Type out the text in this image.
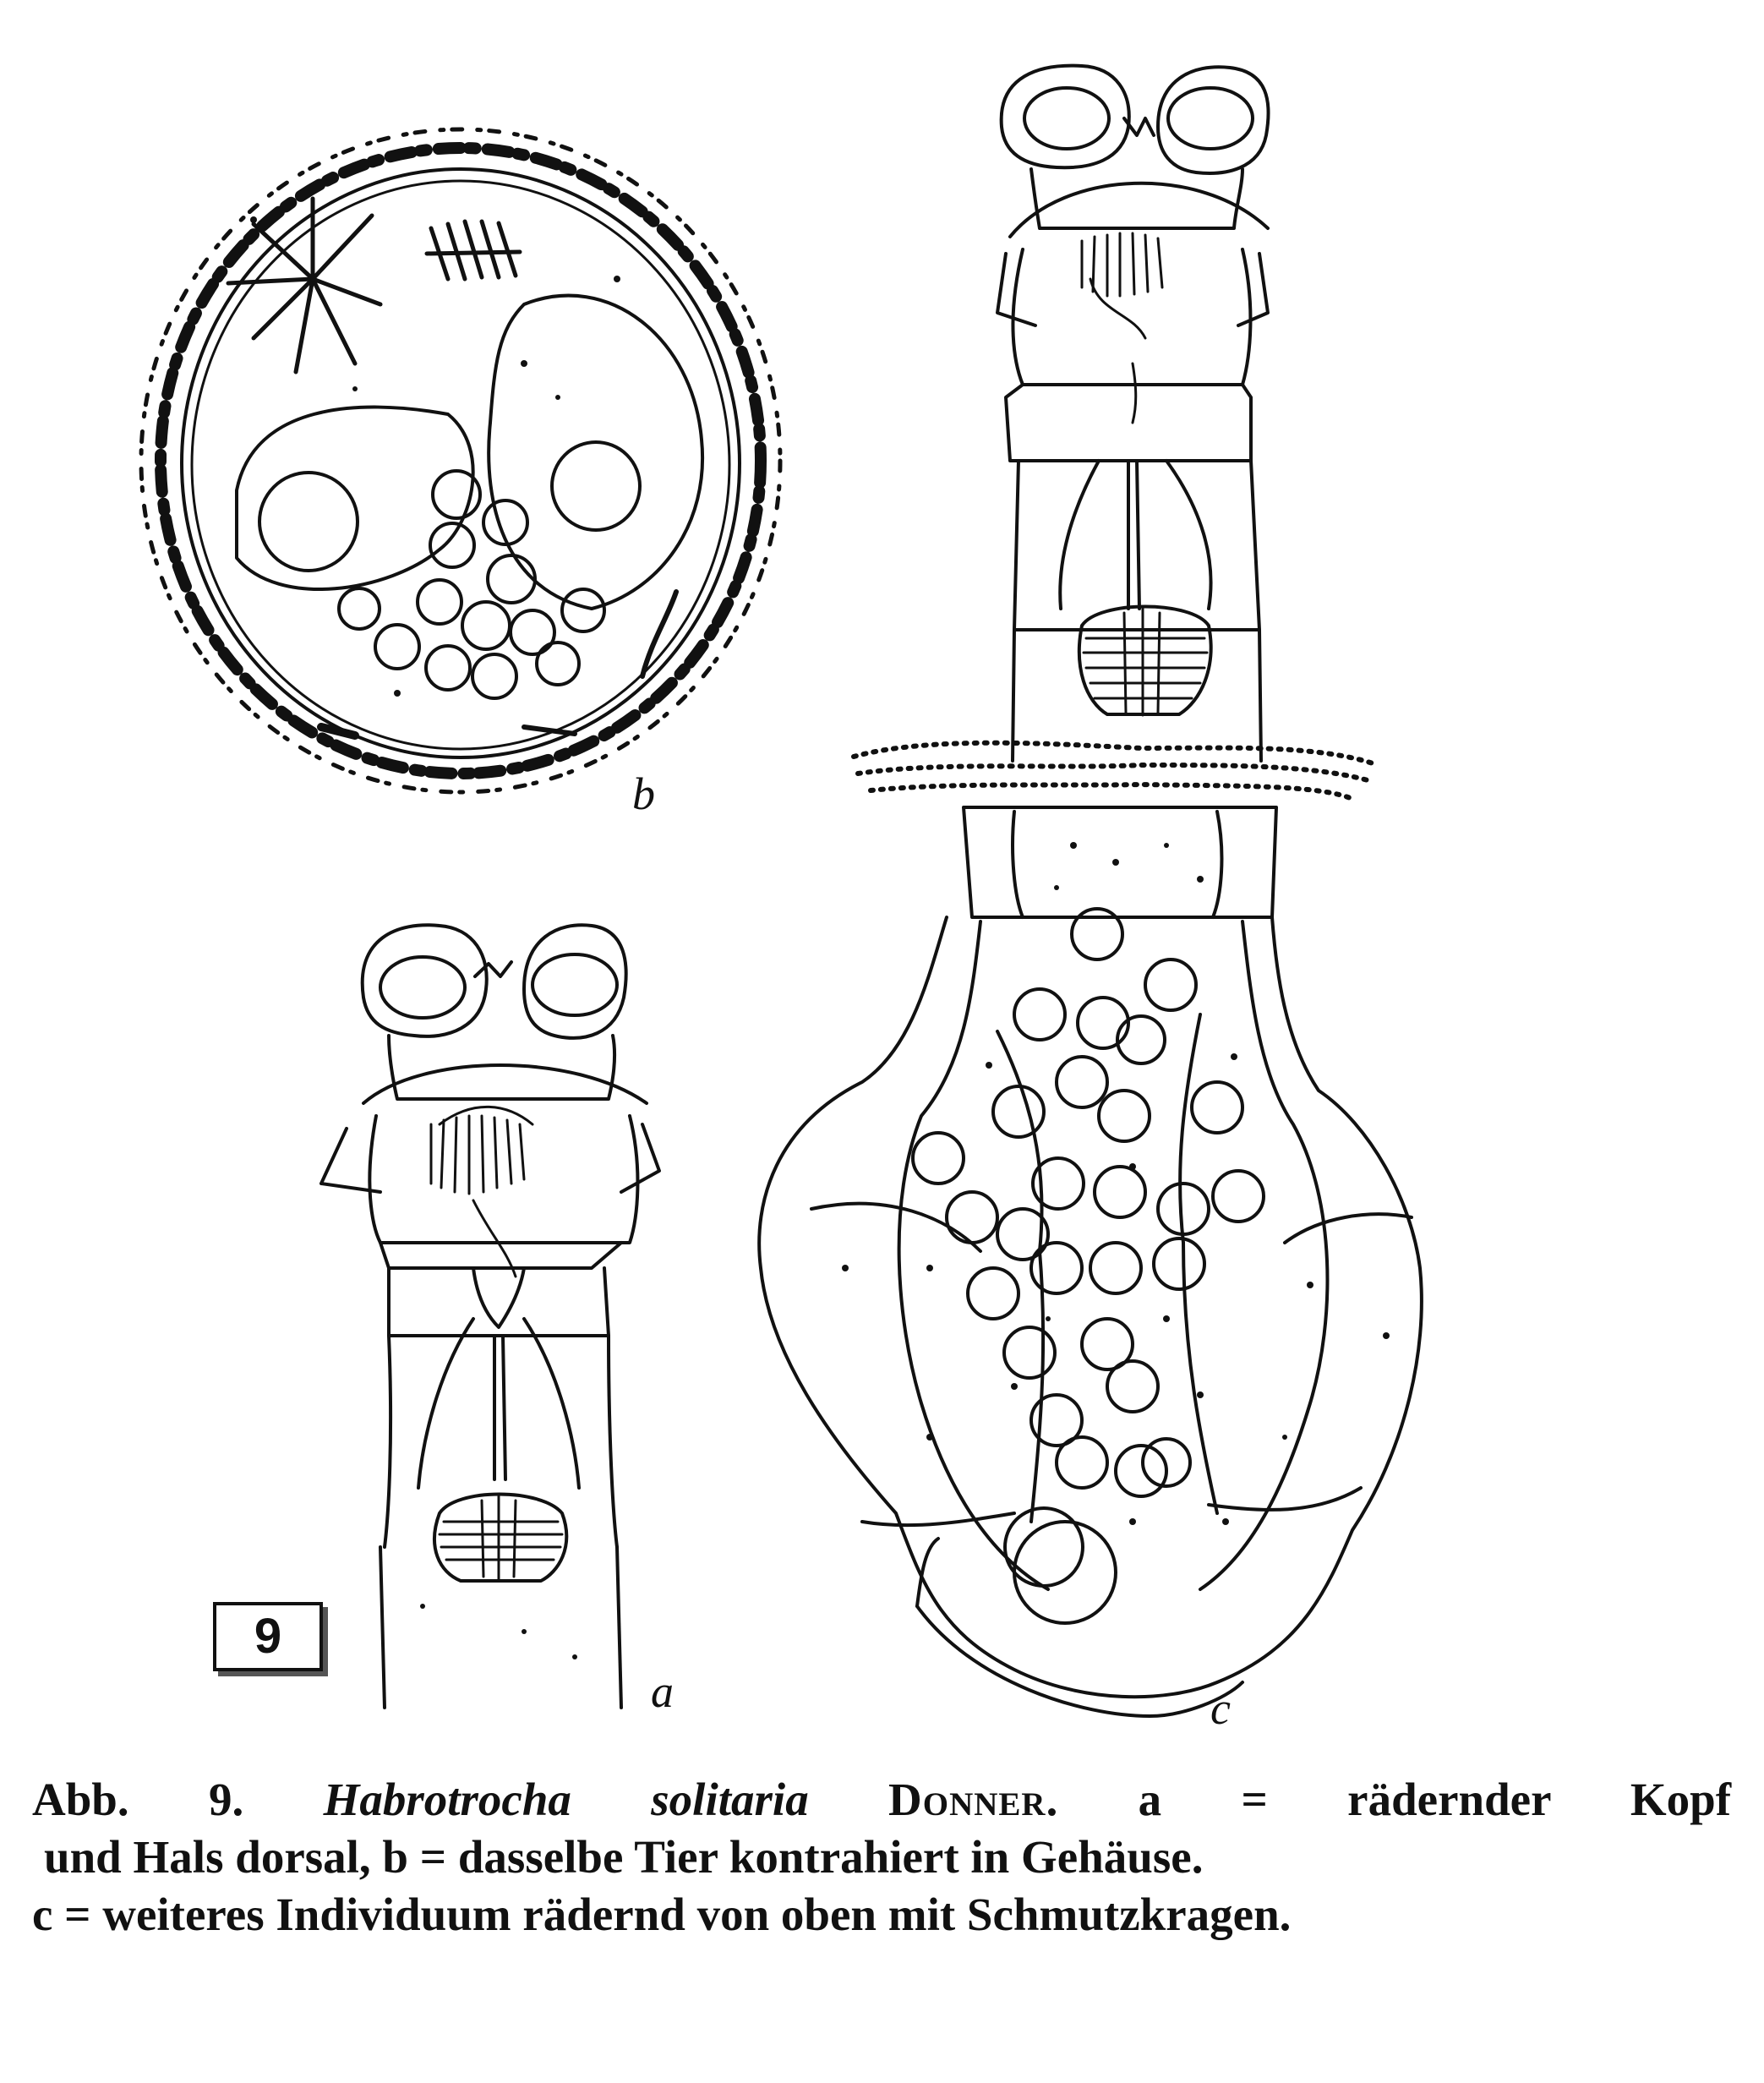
b
a	c
9
Abb. 9. Habrotrocha solitaria Donner. a = rädernder Kopf
und Hals dorsal, b = dasselbe Tier kontrahiert in Gehäuse.
c = weiteres Individuum rädernd von oben mit Schmutzkragen.
